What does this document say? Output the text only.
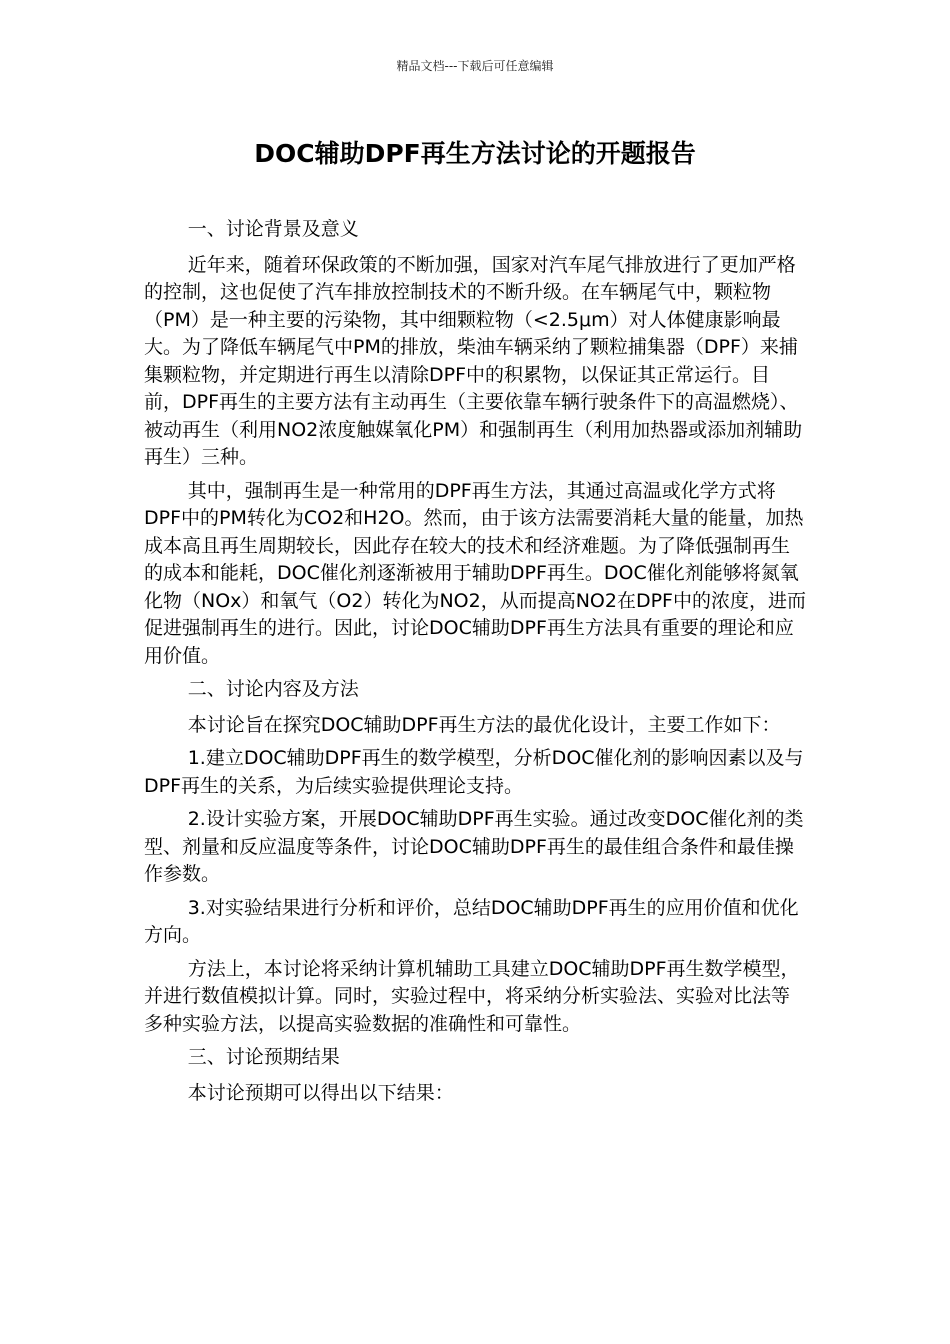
精品文档---下载后可任意编辑
DOC辅助DPF再生方法讨论的开题报告

一、讨论背景及意义

近年来，随着环保政策的不断加强，国家对汽车尾气排放进行了更加严格的控制，这也促使了汽车排放控制技术的不断升级。在车辆尾气中，颗粒物（PM）是一种主要的污染物，其中细颗粒物（<2.5μm）对人体健康影响最大。为了降低车辆尾气中PM的排放，柴油车辆采纳了颗粒捕集器（DPF）来捕集颗粒物，并定期进行再生以清除DPF中的积累物，以保证其正常运行。目前，DPF再生的主要方法有主动再生（主要依靠车辆行驶条件下的高温燃烧）、被动再生（利用NO2浓度触媒氧化PM）和强制再生（利用加热器或添加剂辅助再生）三种。

其中，强制再生是一种常用的DPF再生方法，其通过高温或化学方式将DPF中的PM转化为CO2和H2O。然而，由于该方法需要消耗大量的能量，加热成本高且再生周期较长，因此存在较大的技术和经济难题。为了降低强制再生的成本和能耗，DOC催化剂逐渐被用于辅助DPF再生。DOC催化剂能够将氮氧化物（NOx）和氧气（O2）转化为NO2，从而提高NO2在DPF中的浓度，进而促进强制再生的进行。因此，讨论DOC辅助DPF再生方法具有重要的理论和应用价值。

二、讨论内容及方法

本讨论旨在探究DOC辅助DPF再生方法的最优化设计，主要工作如下：

1.建立DOC辅助DPF再生的数学模型，分析DOC催化剂的影响因素以及与DPF再生的关系，为后续实验提供理论支持。

2.设计实验方案，开展DOC辅助DPF再生实验。通过改变DOC催化剂的类型、剂量和反应温度等条件，讨论DOC辅助DPF再生的最佳组合条件和最佳操作参数。

3.对实验结果进行分析和评价，总结DOC辅助DPF再生的应用价值和优化方向。

方法上，本讨论将采纳计算机辅助工具建立DOC辅助DPF再生数学模型，并进行数值模拟计算。同时，实验过程中，将采纳分析实验法、实验对比法等多种实验方法，以提高实验数据的准确性和可靠性。

三、讨论预期结果

本讨论预期可以得出以下结果：
